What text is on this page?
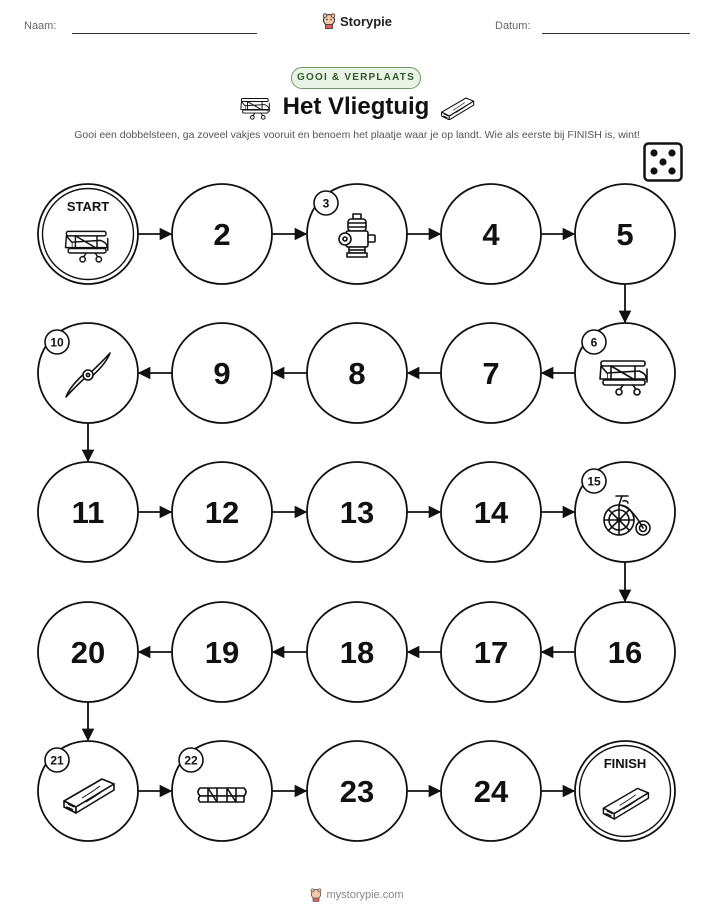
Naam:	Storypie	Datum:
GOOI & VERPLAATS
Het Vliegtuig
Gooi een dobbelsteen, ga zoveel vakjes vooruit en benoem het plaatje waar je op landt. Wie als eerste bij FINISH is, wint!
START
2
3
4	5
6
7
8
9
10
11	12	13	14
15
16
17
18
19
20
21	22
23	24
FINISH
mystorypie.com
